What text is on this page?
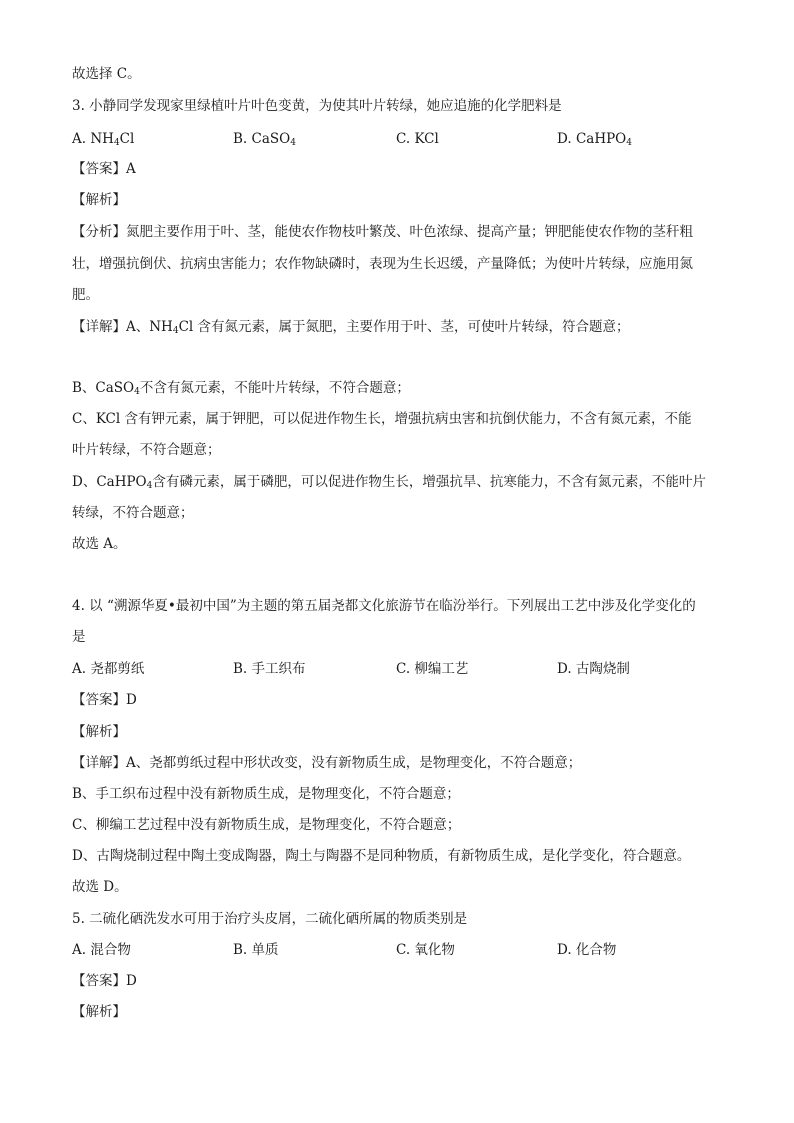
故选择 C。
3. 小静同学发现家里绿植叶片叶色变黄，为使其叶片转绿，她应追施的化学肥料是
A. $NH_4Cl$	B. CaSO$_4$	C. KCl	D. CaHPO$_4$
【答案】A
【解析】
【分析】氮肥主要作用于叶、茎，能使农作物枝叶繁茂、叶色浓绿、提高产量；钾肥能使农作物的茎秆粗
壮，增强抗倒伏、抗病虫害能力；农作物缺磷时，表现为生长迟缓，产量降低；为使叶片转绿，应施用氮
肥。
【详解】A、$NH_4Cl$ 含有氮元素，属于氮肥，主要作用于叶、茎，可使叶片转绿，符合题意；
B、CaSO$_4$不含有氮元素，不能叶片转绿，不符合题意；
C、KCl 含有钾元素，属于钾肥，可以促进作物生长，增强抗病虫害和抗倒伏能力，不含有氮元素，不能
叶片转绿，不符合题意；
D、CaHPO$_4$含有磷元素，属于磷肥，可以促进作物生长，增强抗旱、抗寒能力，不含有氮元素，不能叶片
转绿，不符合题意；
故选 A。
4. 以 “溯源华夏•最初中国”为主题的第五届尧都文化旅游节在临汾举行。下列展出工艺中涉及化学变化的
是
A. 尧都剪纸	B. 手工织布	C. 柳编工艺	D. 古陶烧制
【答案】D
【解析】
【详解】A、尧都剪纸过程中形状改变，没有新物质生成，是物理变化，不符合题意；
B、手工织布过程中没有新物质生成，是物理变化，不符合题意；
C、柳编工艺过程中没有新物质生成，是物理变化，不符合题意；
D、古陶烧制过程中陶土变成陶器，陶土与陶器不是同种物质，有新物质生成，是化学变化，符合题意。
故选 D。
5. 二硫化硒洗发水可用于治疗头皮屑，二硫化硒所属的物质类别是
A. 混合物	B. 单质	C. 氧化物	D. 化合物
【答案】D
【解析】
